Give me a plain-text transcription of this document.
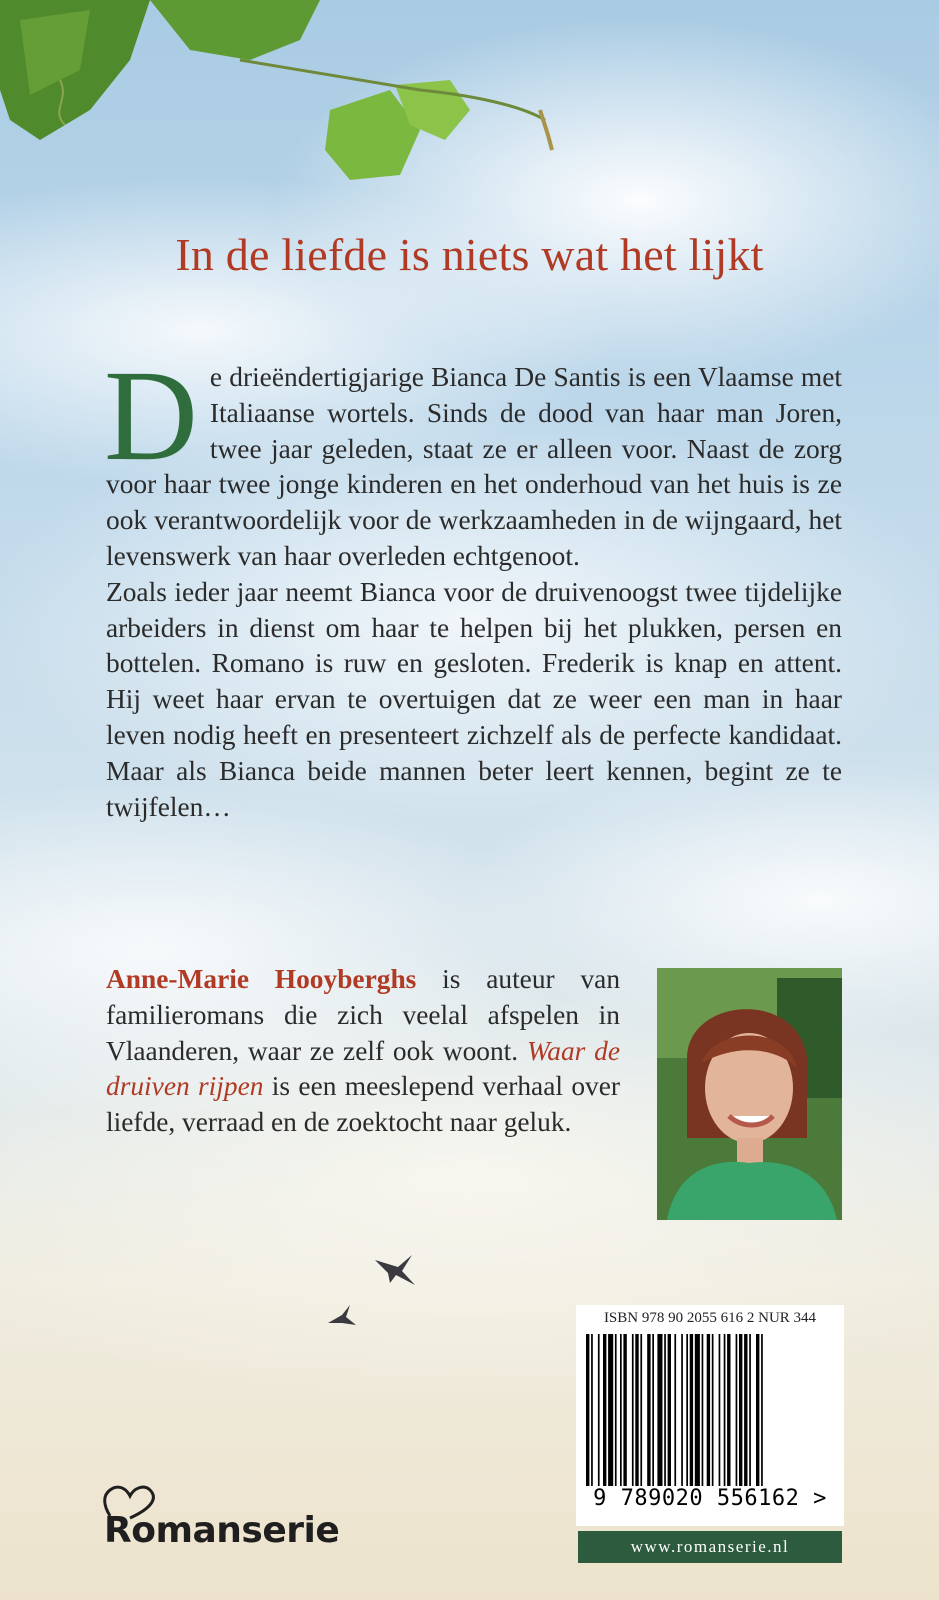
In de liefde is niets wat het lijkt

De drieëndertigjarige Bianca De Santis is een Vlaamse met Italiaanse wortels. Sinds de dood van haar man Joren, twee jaar geleden, staat ze er alleen voor. Naast de zorg voor haar twee jonge kinderen en het onderhoud van het huis is ze ook verantwoordelijk voor de werkzaamheden in de wijngaard, het levenswerk van haar overleden echtgenoot.

Zoals ieder jaar neemt Bianca voor de druivenoogst twee tijdelijke arbeiders in dienst om haar te helpen bij het plukken, persen en bottelen. Romano is ruw en gesloten. Frederik is knap en attent. Hij weet haar ervan te overtuigen dat ze weer een man in haar leven nodig heeft en presenteert zichzelf als de perfecte kandidaat. Maar als Bianca beide mannen beter leert kennen, begint ze te twijfelen…

Anne-Marie Hooyberghs is auteur van familieromans die zich veelal afspelen in Vlaanderen, waar ze zelf ook woont. Waar de druiven rijpen is een meeslepend verhaal over liefde, verraad en de zoektocht naar geluk.
ISBN 978 90 2055 616 2 NUR 344
9 789020 556162 >
www.romanserie.nl
Romanserie
